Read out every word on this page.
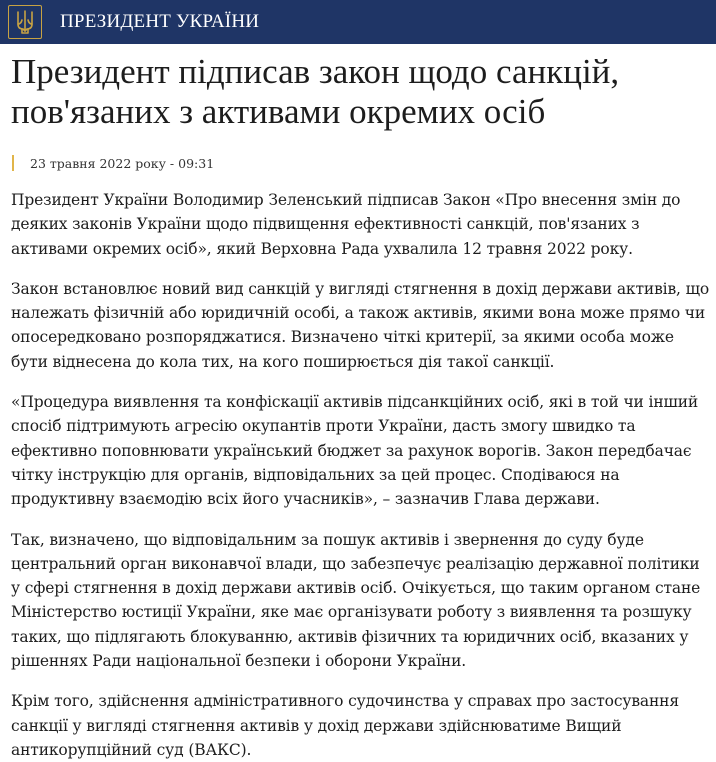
ПРЕЗИДЕНТ УКРАЇНИ
Президент підписав закон щодо санкцій, пов'язаних з активами окремих осіб
23 травня 2022 року - 09:31

Президент України Володимир Зеленський підписав Закон «Про внесення змін до деяких законів України щодо підвищення ефективності санкцій, пов'язаних з активами окремих осіб», який Верховна Рада ухвалила 12 травня 2022 року.

Закон встановлює новий вид санкцій у вигляді стягнення в дохід держави активів, що належать фізичній або юридичній особі, а також активів, якими вона може прямо чи опосередковано розпоряджатися. Визначено чіткі критерії, за якими особа може бути віднесена до кола тих, на кого поширюється дія такої санкції.

«Процедура виявлення та конфіскації активів підсанкційних осіб, які в той чи інший спосіб підтримують агресію окупантів проти України, дасть змогу швидко та ефективно поповнювати український бюджет за рахунок ворогів. Закон передбачає чітку інструкцію для органів, відповідальних за цей процес. Сподіваюся на продуктивну взаємодію всіх його учасників», – зазначив Глава держави.

Так, визначено, що відповідальним за пошук активів і звернення до суду буде центральний орган виконавчої влади, що забезпечує реалізацію державної політики у сфері стягнення в дохід держави активів осіб. Очікується, що таким органом стане Міністерство юстиції України, яке має організувати роботу з виявлення та розшуку таких, що підлягають блокуванню, активів фізичних та юридичних осіб, вказаних у рішеннях Ради національної безпеки і оборони України.

Крім того, здійснення адміністративного судочинства у справах про застосування санкції у вигляді стягнення активів у дохід держави здійснюватиме Вищий антикорупційний суд (ВАКС).
